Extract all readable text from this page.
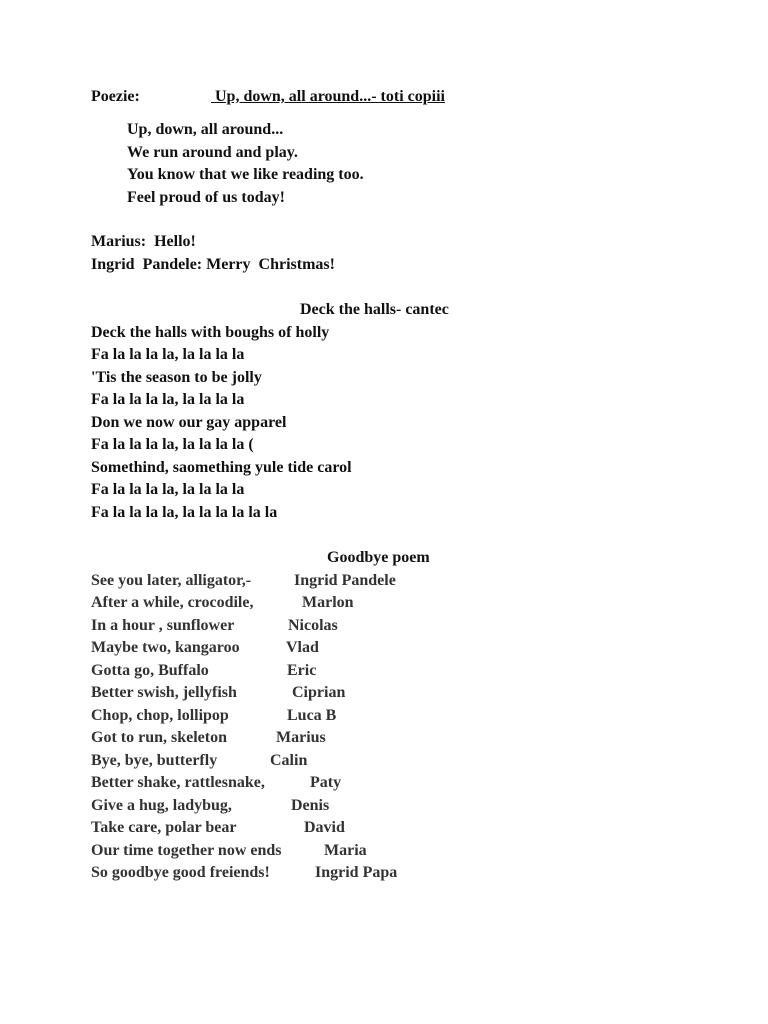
Poezie:	Up, down, all around...- toti copiii
Up, down, all around...
We run around and play.
You know that we like reading too.
Feel proud of us today!
Marius:  Hello!
Ingrid  Pandele: Merry  Christmas!
Deck the halls- cantec
Deck the halls with boughs of holly
Fa la la la la, la la la la
'Tis the season to be jolly
Fa la la la la, la la la la
Don we now our gay apparel
Fa la la la la, la la la la (
Somethind, saomething yule tide carol
Fa la la la la, la la la la
Fa la la la la, la la la la la la
Goodbye poem
See you later, alligator,-	Ingrid Pandele
After a while, crocodile,	Marlon
In a hour , sunflower	Nicolas
Maybe two, kangaroo	Vlad
Gotta go, Buffalo	Eric
Better swish, jellyfish	Ciprian
Chop, chop, lollipop	Luca B
Got to run, skeleton	Marius
Bye, bye, butterfly	Calin
Better shake, rattlesnake,	Paty
Give a hug, ladybug,	Denis
Take care, polar bear	David
Our time together now ends	Maria
So goodbye good freiends!	Ingrid Papa
